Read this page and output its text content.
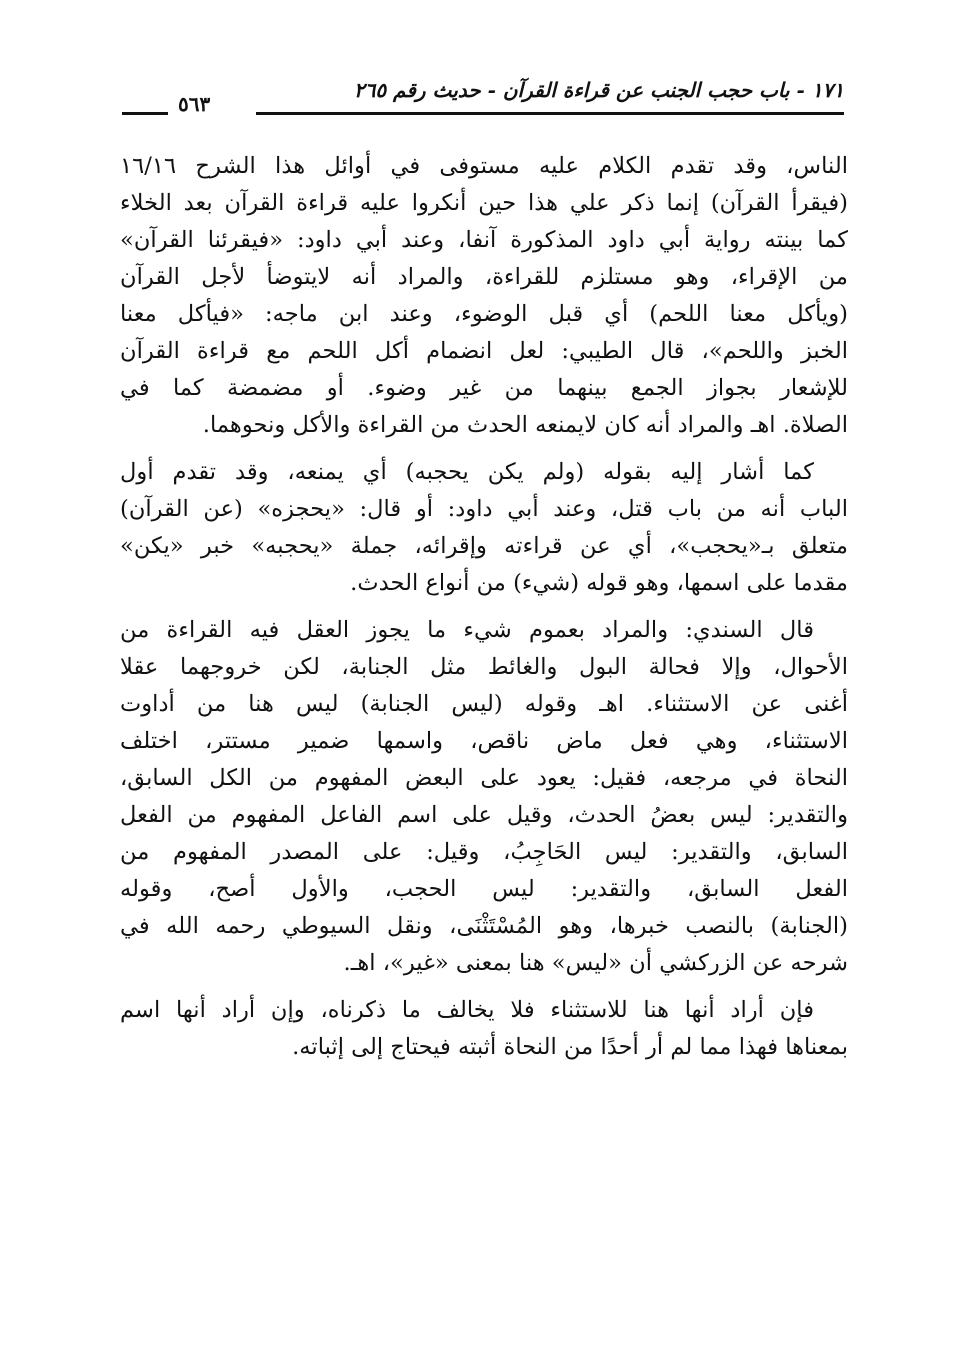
١٧١ - باب حجب الجنب عن قراءة القرآن - حديث رقم ٢٦٥
٥٦٣
الناس، وقد تقدم الكلام عليه مستوفى في أوائل هذا الشرح ١٦/١٦
(فيقرأ القرآن) إنما ذكر علي هذا حين أنكروا عليه قراءة القرآن بعد الخلاء
كما بينته رواية أبي داود المذكورة آنفا، وعند أبي داود: «فيقرئنا القرآن»
من الإقراء، وهو مستلزم للقراءة، والمراد أنه لايتوضأ لأجل القرآن
(ويأكل معنا اللحم) أي قبل الوضوء، وعند ابن ماجه: «فيأكل معنا
الخبز واللحم»، قال الطيبي: لعل انضمام أكل اللحم مع قراءة القرآن
للإشعار بجواز الجمع بينهما من غير وضوء. أو مضمضة كما في
الصلاة. اهـ والمراد أنه كان لايمنعه الحدث من القراءة والأكل ونحوهما.
كما أشار إليه بقوله (ولم يكن يحجبه) أي يمنعه، وقد تقدم أول
الباب أنه من باب قتل، وعند أبي داود: أو قال: «يحجزه» (عن القرآن)
متعلق بـ«يحجب»، أي عن قراءته وإقرائه، جملة «يحجبه» خبر «يكن»
مقدما على اسمها، وهو قوله (شيء) من أنواع الحدث.
قال السندي: والمراد بعموم شيء ما يجوز العقل فيه القراءة من
الأحوال، وإلا فحالة البول والغائط مثل الجنابة، لكن خروجهما عقلا
أغنى عن الاستثناء. اهـ وقوله (ليس الجنابة) ليس هنا من أداوت
الاستثناء، وهي فعل ماض ناقص، واسمها ضمير مستتر، اختلف
النحاة في مرجعه، فقيل: يعود على البعض المفهوم من الكل السابق،
والتقدير: ليس بعضُ الحدث، وقيل على اسم الفاعل المفهوم من الفعل
السابق، والتقدير: ليس الحَاجِبُ، وقيل: على المصدر المفهوم من
الفعل السابق، والتقدير: ليس الحجب، والأول أصح، وقوله
(الجنابة) بالنصب خبرها، وهو المُسْتَثْنَى، ونقل السيوطي رحمه الله في
شرحه عن الزركشي أن «ليس» هنا بمعنى «غير»، اهـ.
فإن أراد أنها هنا للاستثناء فلا يخالف ما ذكرناه، وإن أراد أنها اسم
بمعناها فهذا مما لم أر أحدًا من النحاة أثبته فيحتاج إلى إثباته.
